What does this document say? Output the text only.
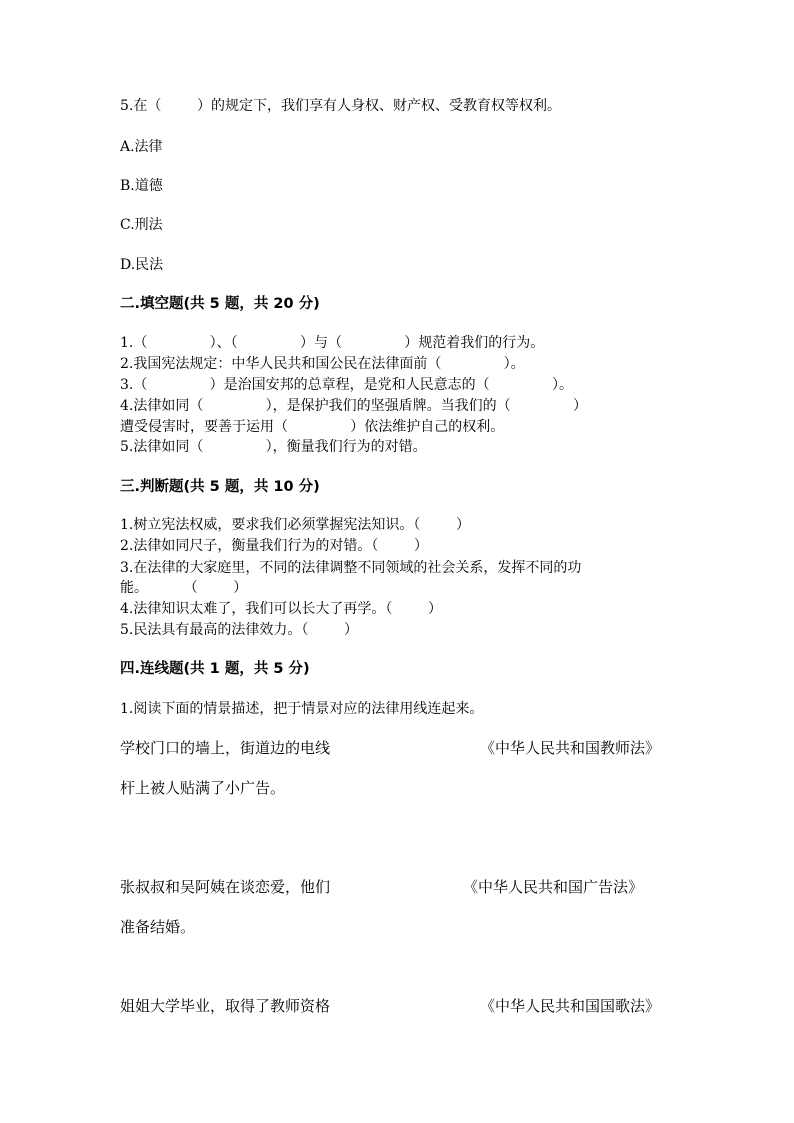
5.在（        ）的规定下，我们享有人身权、财产权、受教育权等权利。
A.法律
B.道德
C.刑法
D.民法
二.填空题(共 5 题，共 20 分)
1.（              ）、（              ）与（              ）规范着我们的行为。
2.我国宪法规定：中华人民共和国公民在法律面前（              ）。
3.（              ）是治国安邦的总章程，是党和人民意志的（              ）。
4.法律如同（              ），是保护我们的坚强盾牌。当我们的（              ）
遭受侵害时，要善于运用（              ）依法维护自己的权利。
5.法律如同（              ），衡量我们行为的对错。
三.判断题(共 5 题，共 10 分)
1.树立宪法权威，要求我们必须掌握宪法知识。（        ）
2.法律如同尺子，衡量我们行为的对错。（        ）
3.在法律的大家庭里，不同的法律调整不同领域的社会关系，发挥不同的功
能。        （        ）
4.法律知识太难了，我们可以长大了再学。（        ）
5.民法具有最高的法律效力。（        ）
四.连线题(共 1 题，共 5 分)
1.阅读下面的情景描述，把于情景对应的法律用线连起来。
学校门口的墙上，街道边的电线
杆上被人贴满了小广告。
《中华人民共和国教师法》
张叔叔和吴阿姨在谈恋爱，他们
准备结婚。
《中华人民共和国广告法》
姐姐大学毕业，取得了教师资格	《中华人民共和国国歌法》
